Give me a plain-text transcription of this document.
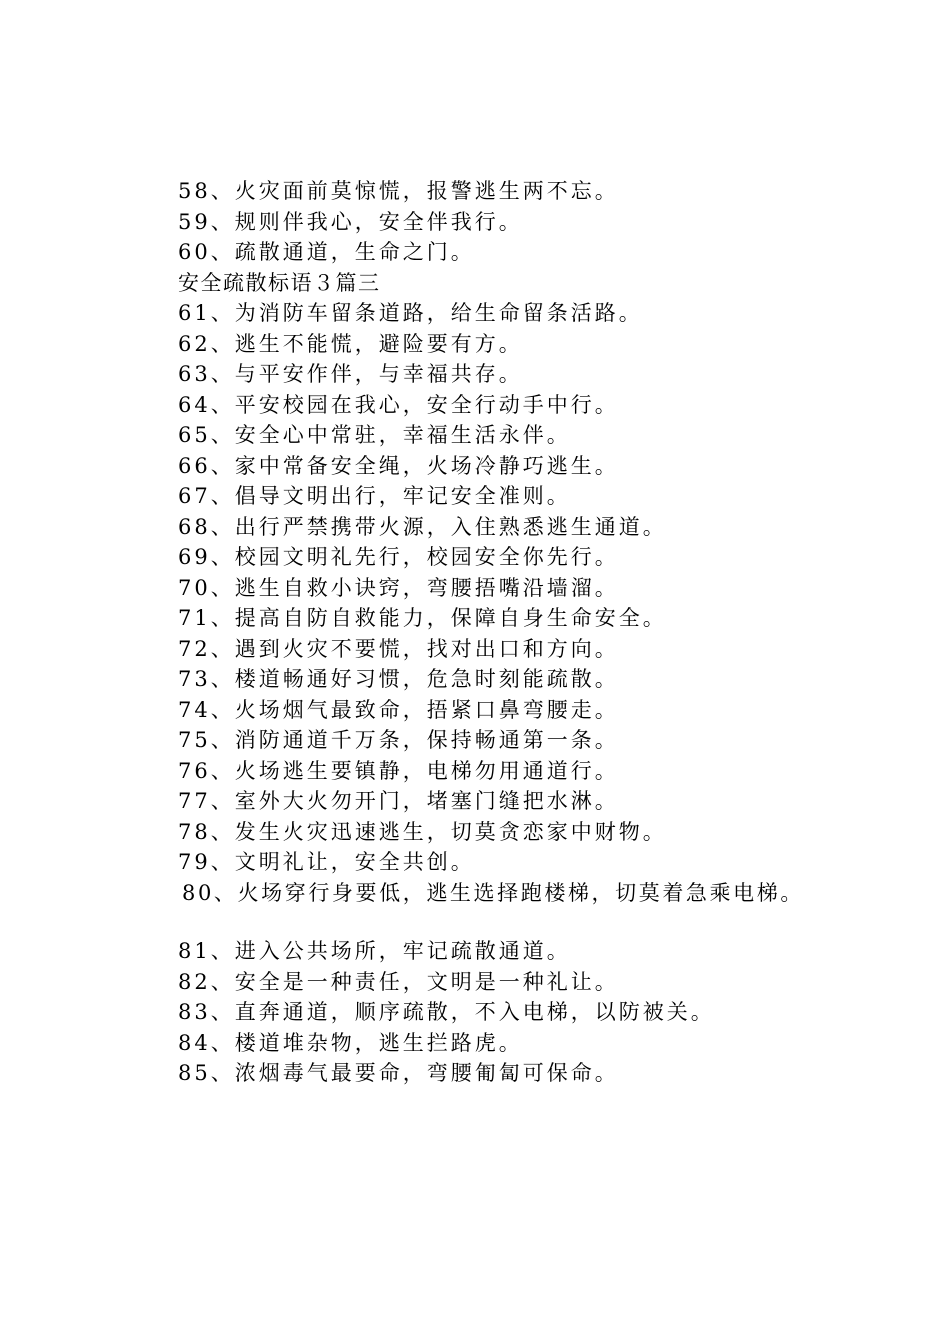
58、火灾面前莫惊慌，报警逃生两不忘。
59、规则伴我心，安全伴我行。
60、疏散通道，生命之门。
安全疏散标语３篇三
61、为消防车留条道路，给生命留条活路。
62、逃生不能慌，避险要有方。
63、与平安作伴，与幸福共存。
64、平安校园在我心，安全行动手中行。
65、安全心中常驻，幸福生活永伴。
66、家中常备安全绳，火场冷静巧逃生。
67、倡导文明出行，牢记安全准则。
68、出行严禁携带火源，入住熟悉逃生通道。
69、校园文明礼先行，校园安全你先行。
70、逃生自救小诀窍，弯腰捂嘴沿墙溜。
71、提高自防自救能力，保障自身生命安全。
72、遇到火灾不要慌，找对出口和方向。
73、楼道畅通好习惯，危急时刻能疏散。
74、火场烟气最致命，捂紧口鼻弯腰走。
75、消防通道千万条，保持畅通第一条。
76、火场逃生要镇静，电梯勿用通道行。
77、室外大火勿开门，堵塞门缝把水淋。
78、发生火灾迅速逃生，切莫贪恋家中财物。
79、文明礼让，安全共创。
80、火场穿行身要低，逃生选择跑楼梯，切莫着急乘电梯。
81、进入公共场所，牢记疏散通道。
82、安全是一种责任，文明是一种礼让。
83、直奔通道，顺序疏散，不入电梯，以防被关。
84、楼道堆杂物，逃生拦路虎。
85、浓烟毒气最要命，弯腰匍匐可保命。
